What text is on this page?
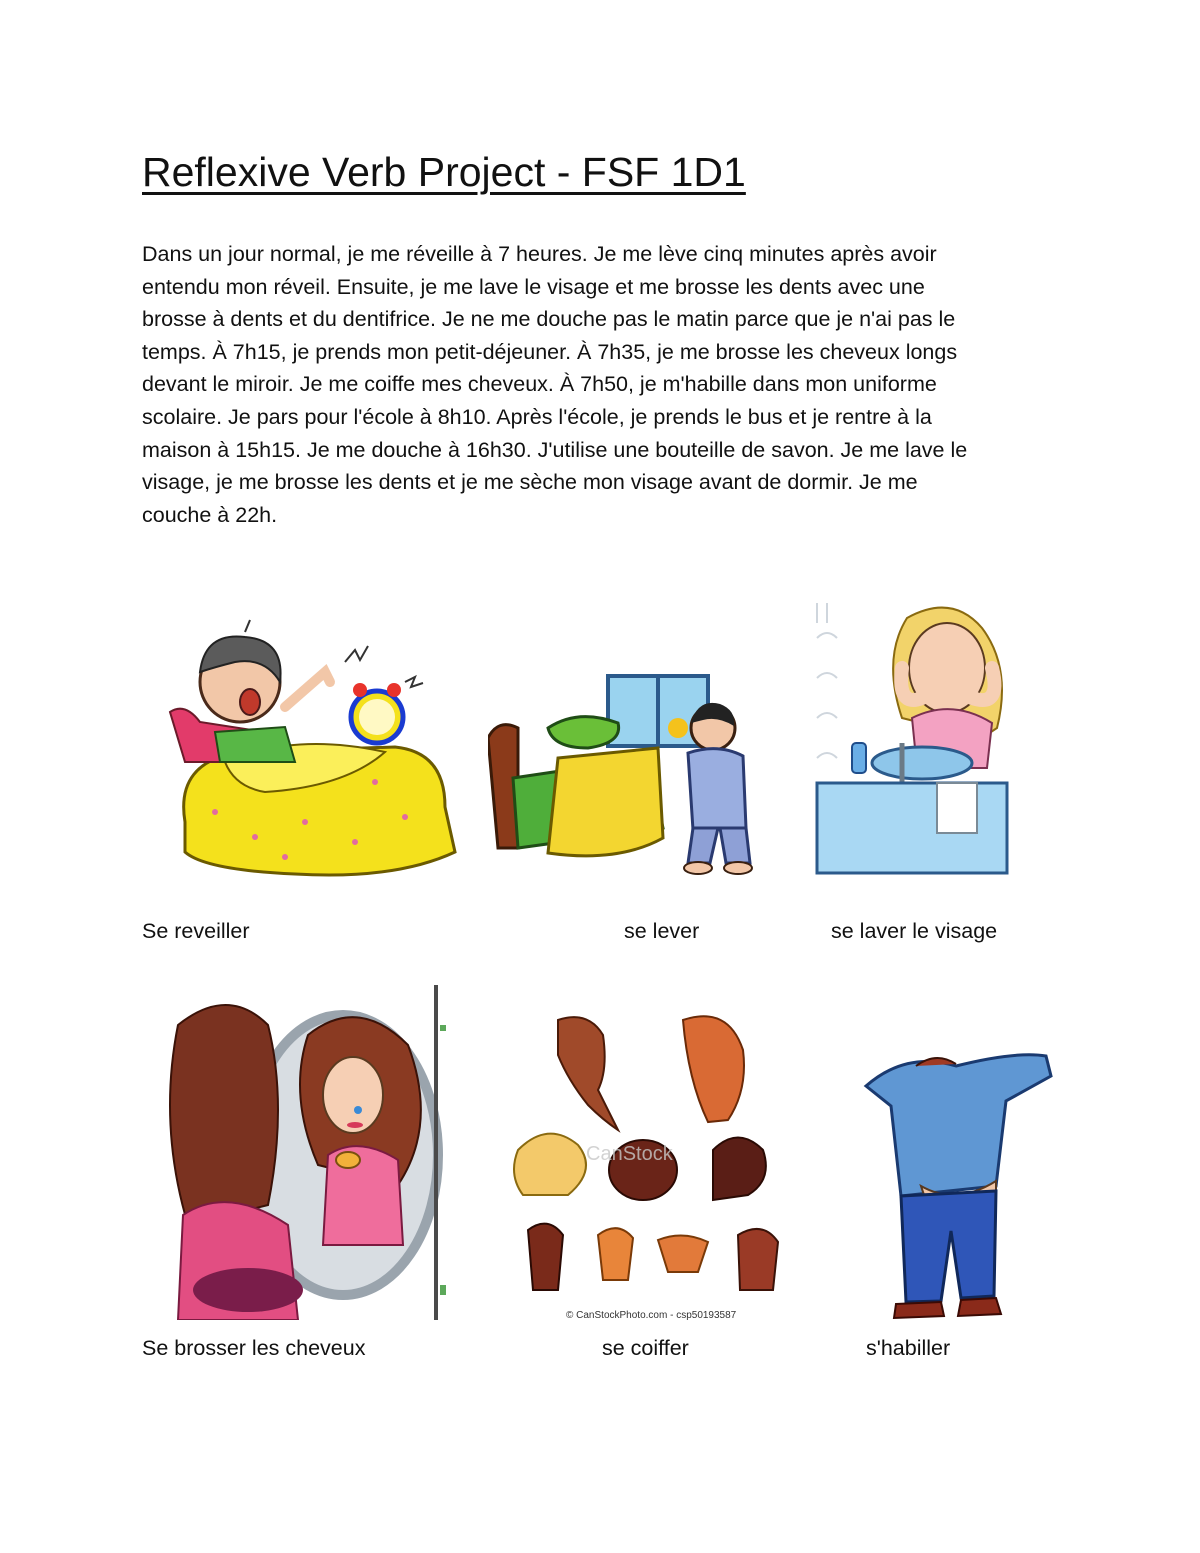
Reflexive Verb Project - FSF 1D1

Dans un jour normal, je me réveille à 7 heures. Je me lève cinq minutes après avoir
entendu mon réveil. Ensuite, je me lave le visage et me brosse les dents avec une
brosse à dents et du dentifrice. Je ne me douche pas le matin parce que je n'ai pas le
temps. À 7h15, je prends mon petit-déjeuner. À 7h35, je me brosse les cheveux longs
devant le miroir. Je me coiffe mes cheveux. À 7h50, je m'habille dans mon uniforme
scolaire. Je pars pour l'école à 8h10. Après l'école, je prends le bus et je rentre à la
maison à 15h15. Je me douche à 16h30. J'utilise une bouteille de savon. Je me lave le
visage, je me brosse les dents et je me sèche mon visage avant de dormir. Je me
couche à 22h.

Se reveiller	se lever	se laver le visage
CanStock
© CanStockPhoto.com - csp50193587
Se brosser les cheveux	se coiffer	s'habiller
